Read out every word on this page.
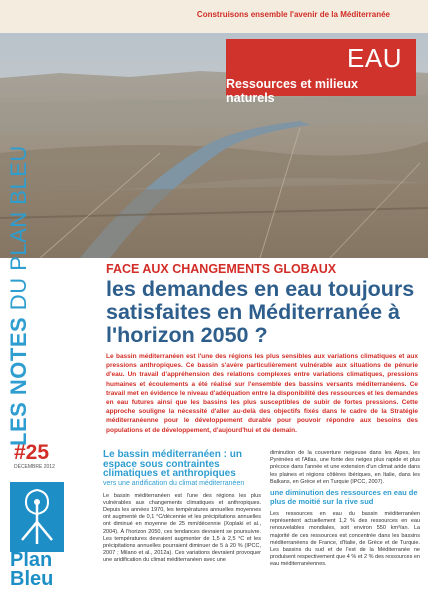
Construisons ensemble l'avenir de la Méditerranée
EAU
Ressources et milieux naturels
LES NOTES DU PLAN BLEU
#25
DÉCEMBRE 2012
Plan
Bleu
FACE AUX CHANGEMENTS GLOBAUX
les demandes en eau toujours satisfaites en Méditerranée à l'horizon 2050 ?

Le bassin méditerranéen est l'une des régions les plus sensibles aux variations climatiques et aux pressions anthropiques. Ce bassin s'avère particulièrement vulnérable aux situations de pénurie d'eau. Un travail d'appréhension des relations complexes entre variations climatiques, pressions humaines et écoulements a été réalisé sur l'ensemble des bassins versants méditerranéens. Ce travail met en évidence le niveau d'adéquation entre la disponibilité des ressources et les demandes en eau futures ainsi que les bassins les plus susceptibles de subir de fortes pressions. Cette approche souligne la nécessité d'aller au-delà des objectifs fixés dans le cadre de la Stratégie méditerranéenne pour le développement durable pour pouvoir répondre aux besoins des populations et de développement, d'aujourd'hui et de demain.

Le bassin méditerranéen : un espace sous contraintes climatiques et anthropiques
vers une aridification du climat méditerranéen

Le bassin méditerranéen est l'une des régions les plus vulnérables aux changements climatiques et anthropiques. Depuis les années 1970, les températures annuelles moyennes ont augmenté de 0,1 °C/décennie et les précipitations annuelles ont diminué en moyenne de 25 mm/décennie (Xoplaki et al., 2004). À l'horizon 2050, ces tendances devraient se poursuivre. Les températures devraient augmenter de 1,5 à 2,5 °C et les précipitations annuelles pourraient diminuer de 5 à 20 % (IPCC, 2007 ; Milano et al., 2012a). Ces variations devraient provoquer une aridification du climat méditerranéen avec une

diminution de la couverture neigeuse dans les Alpes, les Pyrénées et l'Atlas, une fonte des neiges plus rapide et plus précoce dans l'année et une extension d'un climat aride dans les plaines et régions côtières ibériques, en Italie, dans les Balkans, en Grèce et en Turquie (IPCC, 2007).

une diminution des ressources en eau de plus de moitié sur la rive sud

Les ressources en eau du bassin méditerranéen représentent actuellement 1,2 % des ressources en eau renouvelables mondiales, soit environ 550 km³/an. La majorité de ces ressources est concentrée dans les bassins méditerranéens de France, d'Italie, de Grèce et de Turquie. Les bassins du sud et de l'est de la Méditerranée ne produisent respectivement que 4 % et 2 % des ressources en eau méditerranéennes.
